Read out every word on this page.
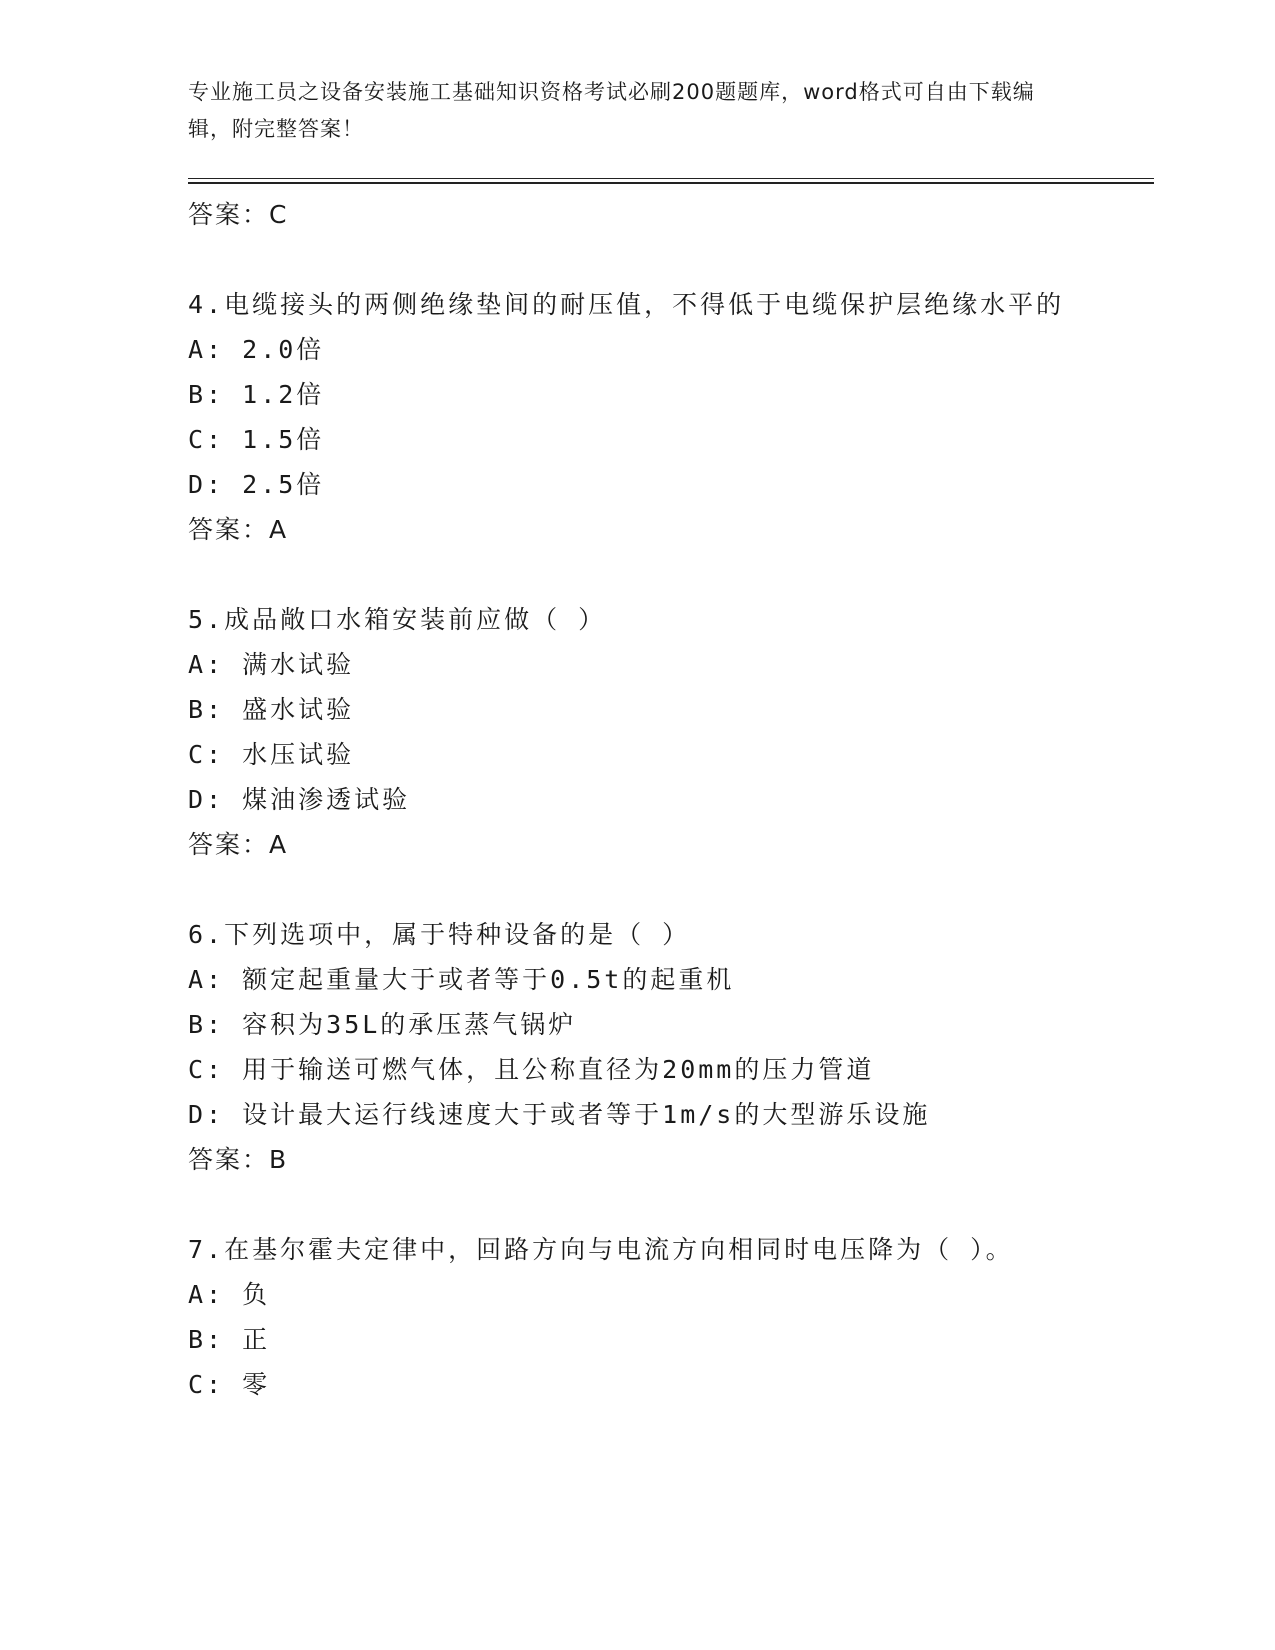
专业施工员之设备安装施工基础知识资格考试必刷200题题库，word格式可自由下载编辑，附完整答案！
答案：C
4.电缆接头的两侧绝缘垫间的耐压值，不得低于电缆保护层绝缘水平的
A: 2.0倍
B: 1.2倍
C: 1.5倍
D: 2.5倍
答案：A
5.成品敞口水箱安装前应做（ ）
A: 满水试验
B: 盛水试验
C: 水压试验
D: 煤油渗透试验
答案：A
6.下列选项中，属于特种设备的是（ ）
A: 额定起重量大于或者等于0.5t的起重机
B: 容积为35L的承压蒸气锅炉
C: 用于输送可燃气体，且公称直径为20mm的压力管道
D: 设计最大运行线速度大于或者等于1m/s的大型游乐设施
答案：B
7.在基尔霍夫定律中，回路方向与电流方向相同时电压降为（ ）。
A: 负
B: 正
C: 零
